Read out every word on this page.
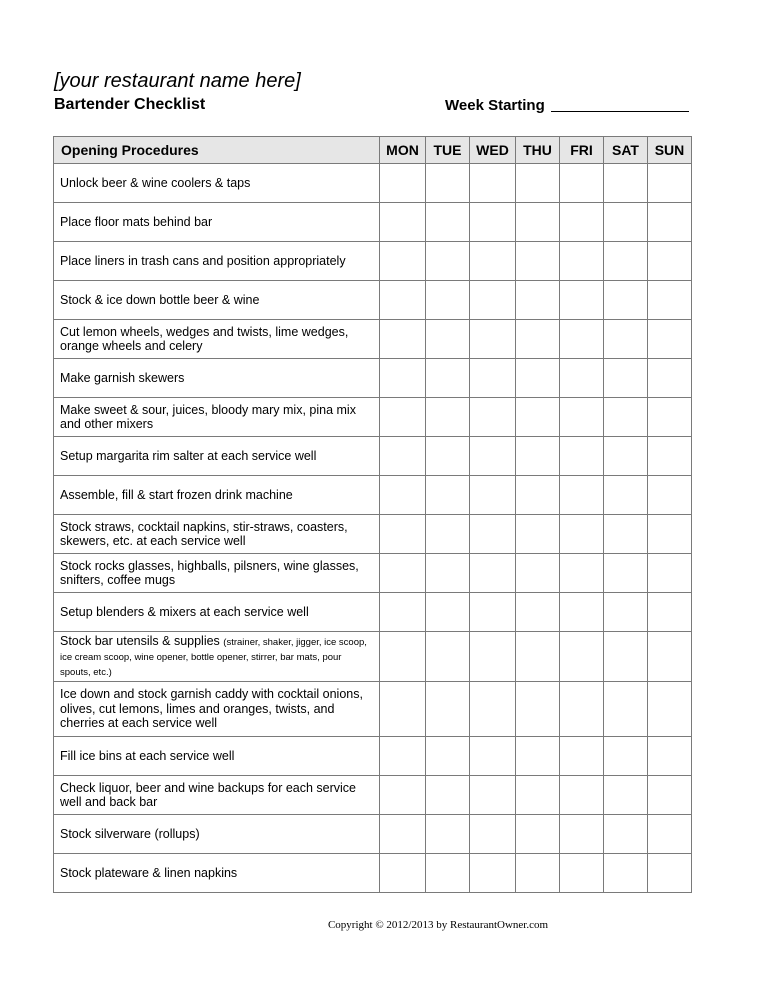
[your restaurant name here]
Bartender Checklist	Week Starting
Opening Procedures	MON	TUE	WED	THU	FRI	SAT	SUN
Unlock beer & wine coolers & taps							
Place floor mats behind bar							
Place liners in trash cans and position appropriately							
Stock & ice down bottle beer & wine							
Cut lemon wheels, wedges and twists, lime wedges, orange wheels and celery							
Make garnish skewers							
Make sweet & sour, juices, bloody mary mix, pina mix and other mixers							
Setup margarita rim salter at each service well							
Assemble, fill & start frozen drink machine							
Stock straws, cocktail napkins, stir-straws, coasters, skewers, etc. at each service well							
Stock rocks glasses, highballs, pilsners, wine glasses, snifters, coffee mugs							
Setup blenders & mixers at each service well							
Stock bar utensils & supplies (strainer, shaker, jigger, ice scoop, ice cream scoop, wine opener, bottle opener, stirrer, bar mats, pour spouts, etc.)							
Ice down and stock garnish caddy with cocktail onions, olives, cut lemons, limes and oranges, twists, and cherries at each service well							
Fill ice bins at each service well							
Check liquor, beer and wine backups for each service well and back bar							
Stock silverware (rollups)							
Stock plateware & linen napkins							
Copyright © 2012/2013 by RestaurantOwner.com
